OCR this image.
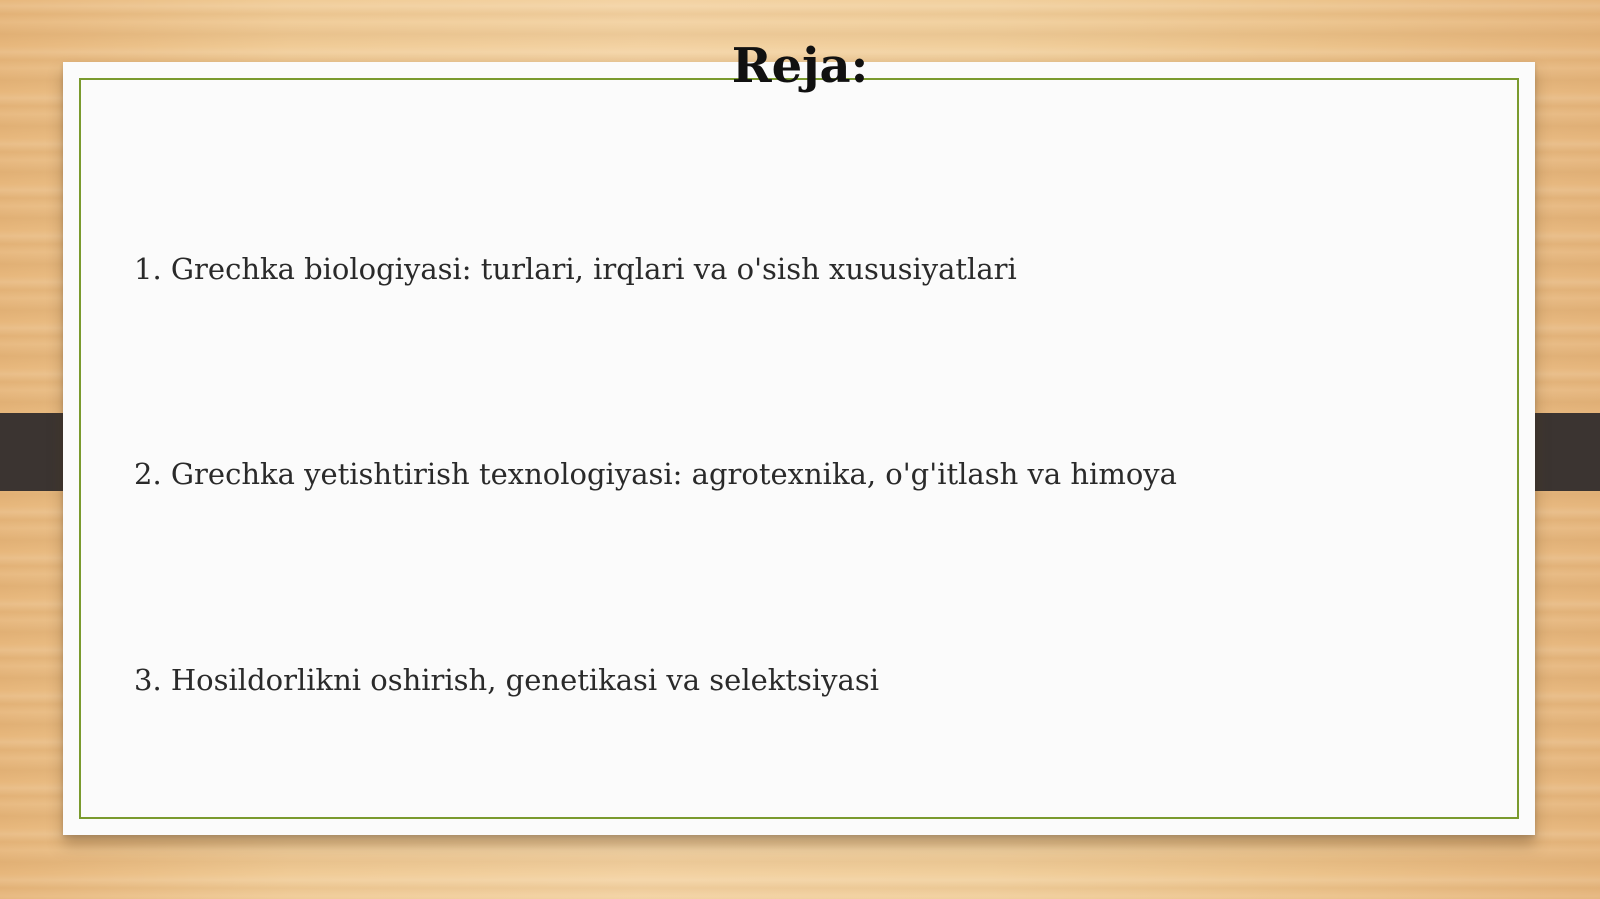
Reja:
1. Grechka biologiyasi: turlari, irqlari va o'sish xususiyatlari
2. Grechka yetishtirish texnologiyasi: agrotexnika, o'g'itlash va himoya
3. Hosildorlikni oshirish, genetikasi va selektsiyasi
